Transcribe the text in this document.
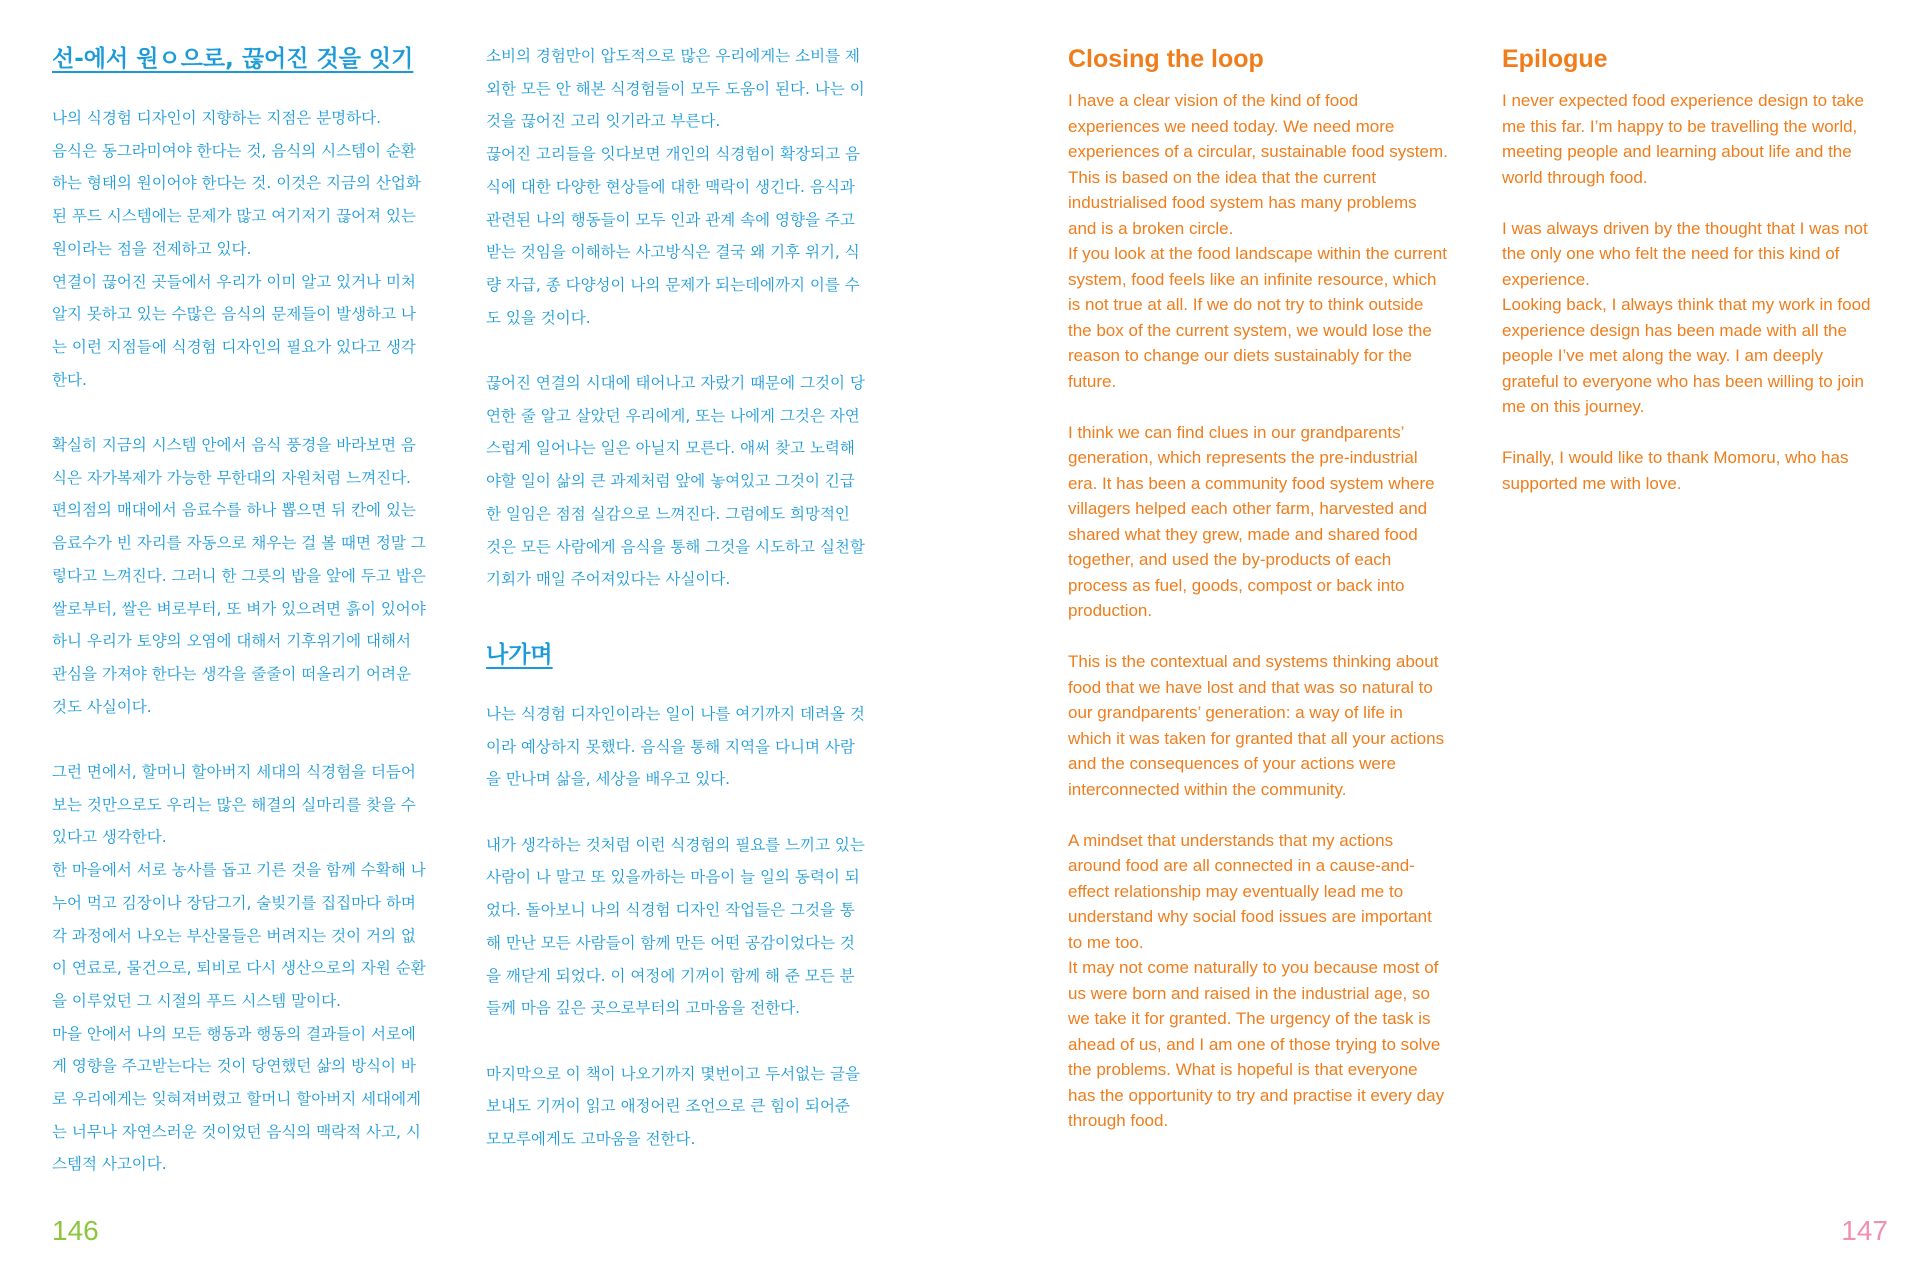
선-에서 원ㅇ으로, 끊어진 것을 잇기

나의 식경험 디자인이 지향하는 지점은 분명하다.

음식은 동그라미여야 한다는 것, 음식의 시스템이 순환하는 형태의 원이어야 한다는 것. 이것은 지금의 산업화된 푸드 시스템에는 문제가 많고 여기저기 끊어져 있는 원이라는 점을 전제하고 있다.

연결이 끊어진 곳들에서 우리가 이미 알고 있거나 미처 알지 못하고 있는 수많은 음식의 문제들이 발생하고 나는 이런 지점들에 식경험 디자인의 필요가 있다고 생각한다.

확실히 지금의 시스템 안에서 음식 풍경을 바라보면 음식은 자가복제가 가능한 무한대의 자원처럼 느껴진다. 편의점의 매대에서 음료수를 하나 뽑으면 뒤 칸에 있는 음료수가 빈 자리를 자동으로 채우는 걸 볼 때면 정말 그렇다고 느껴진다. 그러니 한 그릇의 밥을 앞에 두고 밥은 쌀로부터, 쌀은 벼로부터, 또 벼가 있으려면 흙이 있어야 하니 우리가 토양의 오염에 대해서 기후위기에 대해서 관심을 가져야 한다는 생각을 줄줄이 떠올리기 어려운 것도 사실이다.

그런 면에서, 할머니 할아버지 세대의 식경험을 더듬어 보는 것만으로도 우리는 많은 해결의 실마리를 찾을 수 있다고 생각한다.

한 마을에서 서로 농사를 돕고 기른 것을 함께 수확해 나누어 먹고 김장이나 장담그기, 술빚기를 집집마다 하며 각 과정에서 나오는 부산물들은 버려지는 것이 거의 없이 연료로, 물건으로, 퇴비로 다시 생산으로의 자원 순환을 이루었던 그 시절의 푸드 시스템 말이다.

마을 안에서 나의 모든 행동과 행동의 결과들이 서로에게 영향을 주고받는다는 것이 당연했던 삶의 방식이 바로 우리에게는 잊혀져버렸고 할머니 할아버지 세대에게는 너무나 자연스러운 것이었던 음식의 맥락적 사고, 시스템적 사고이다.

소비의 경험만이 압도적으로 많은 우리에게는 소비를 제외한 모든 안 해본 식경험들이 모두 도움이 된다. 나는 이 것을 끊어진 고리 잇기라고 부른다.

끊어진 고리들을 잇다보면 개인의 식경험이 확장되고 음식에 대한 다양한 현상들에 대한 맥락이 생긴다. 음식과 관련된 나의 행동들이 모두 인과 관계 속에 영향을 주고받는 것임을 이해하는 사고방식은 결국 왜 기후 위기, 식량 자급, 종 다양성이 나의 문제가 되는데에까지 이를 수도 있을 것이다.

끊어진 연결의 시대에 태어나고 자랐기 때문에 그것이 당연한 줄 알고 살았던 우리에게, 또는 나에게 그것은 자연스럽게 일어나는 일은 아닐지 모른다. 애써 찾고 노력해야할 일이 삶의 큰 과제처럼 앞에 놓여있고 그것이 긴급한 일임은 점점 실감으로 느껴진다. 그럼에도 희망적인 것은 모든 사람에게 음식을 통해 그것을 시도하고 실천할 기회가 매일 주어져있다는 사실이다.

나가며

나는 식경험 디자인이라는 일이 나를 여기까지 데려올 것이라 예상하지 못했다. 음식을 통해 지역을 다니며 사람을 만나며 삶을, 세상을 배우고 있다.

내가 생각하는 것처럼 이런 식경험의 필요를 느끼고 있는 사람이 나 말고 또 있을까하는 마음이 늘 일의 동력이 되었다. 돌아보니 나의 식경험 디자인 작업들은 그것을 통해 만난 모든 사람들이 함께 만든 어떤 공감이었다는 것을 깨닫게 되었다. 이 여정에 기꺼이 함께 해 준 모든 분들께 마음 깊은 곳으로부터의 고마움을 전한다.

마지막으로 이 책이 나오기까지 몇번이고 두서없는 글을 보내도 기꺼이 읽고 애정어린 조언으로 큰 힘이 되어준 모모루에게도 고마움을 전한다.

146
Closing the loop

I have a clear vision of the kind of food experiences we need today. We need more experiences of a circular, sustainable food system. This is based on the idea that the current industrialised food system has many problems and is a broken circle.

If you look at the food landscape within the current system, food feels like an infinite resource, which is not true at all. If we do not try to think outside the box of the current system, we would lose the reason to change our diets sustainably for the future.

I think we can find clues in our grandparents’ generation, which represents the pre-industrial era. It has been a community food system where villagers helped each other farm, harvested and shared what they grew, made and shared food together, and used the by-products of each process as fuel, goods, compost or back into production.

This is the contextual and systems thinking about food that we have lost and that was so natural to our grandparents’ generation: a way of life in which it was taken for granted that all your actions and the consequences of your actions were interconnected within the community.

A mindset that understands that my actions around food are all connected in a cause-and-effect relationship may eventually lead me to understand why social food issues are important to me too.

It may not come naturally to you because most of us were born and raised in the industrial age, so we take it for granted. The urgency of the task is ahead of us, and I am one of those trying to solve the problems. What is hopeful is that everyone has the opportunity to try and practise it every day through food.

Epilogue

I never expected food experience design to take me this far. I’m happy to be travelling the world, meeting people and learning about life and the world through food.

I was always driven by the thought that I was not the only one who felt the need for this kind of experience.

Looking back, I always think that my work in food experience design has been made with all the people I’ve met along the way. I am deeply grateful to everyone who has been willing to join me on this journey.

Finally, I would like to thank Momoru, who has supported me with love.

147
